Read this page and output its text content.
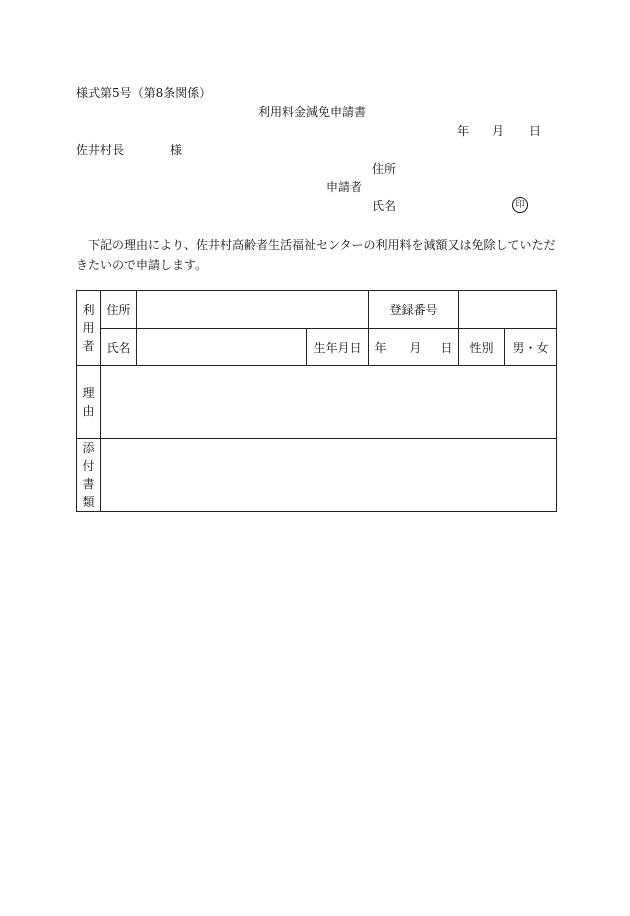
様式第5号（第8条関係）
利用料金減免申請書
年 月 日
佐井村長	様
住所
申請者
氏名	印
下記の理由により、佐井村高齢者生活福祉センターの利用料を減額又は免除していただ
きたいので申請します。
利
用
者	住所			登録番号		
	氏名		生年月日	年 月 日	性別	男・女

理
由						

添
付
書
類						
